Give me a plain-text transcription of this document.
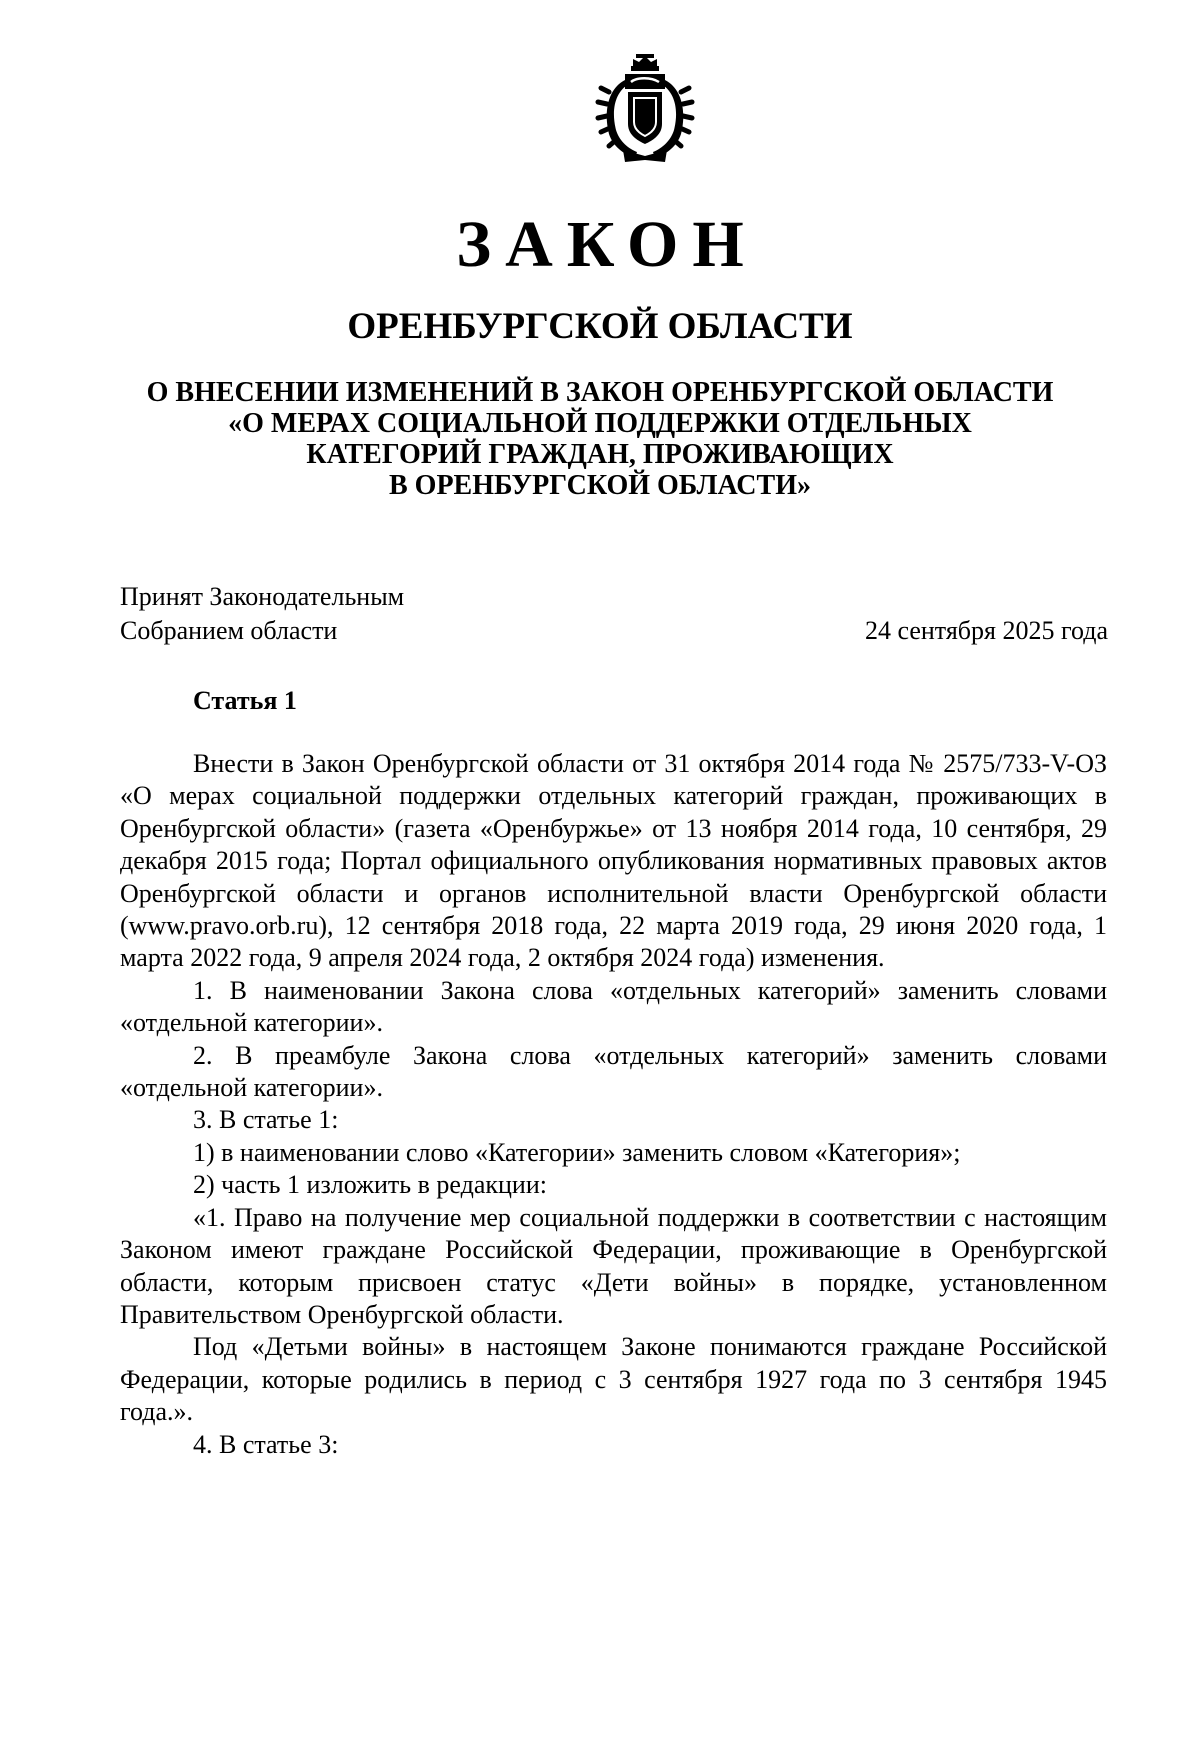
ЗАКОН
ОРЕНБУРГСКОЙ ОБЛАСТИ
О ВНЕСЕНИИ ИЗМЕНЕНИЙ В ЗАКОН ОРЕНБУРГСКОЙ ОБЛАСТИ
«О МЕРАХ СОЦИАЛЬНОЙ ПОДДЕРЖКИ ОТДЕЛЬНЫХ
КАТЕГОРИЙ ГРАЖДАН, ПРОЖИВАЮЩИХ
В ОРЕНБУРГСКОЙ ОБЛАСТИ»
Принят Законодательным
Собранием области	24 сентября 2025 года
Статья 1

Внести в Закон Оренбургской области от 31 октября 2014 года № 2575/733-V-ОЗ «О мерах социальной поддержки отдельных категорий граждан, проживающих в Оренбургской области» (газета «Оренбуржье» от 13 ноября 2014 года, 10 сентября, 29 декабря 2015 года; Портал официального опубликования нормативных правовых актов Оренбургской области и органов исполнительной власти Оренбургской области (www.pravo.orb.ru), 12 сентября 2018 года, 22 марта 2019 года, 29 июня 2020 года, 1 марта 2022 года, 9 апреля 2024 года, 2 октября 2024 года) изменения.

1. В наименовании Закона слова «отдельных категорий» заменить словами «отдельной категории».

2. В преамбуле Закона слова «отдельных категорий» заменить словами «отдельной категории».

3. В статье 1:

1) в наименовании слово «Категории» заменить словом «Категория»;

2) часть 1 изложить в редакции:

«1. Право на получение мер социальной поддержки в соответствии с настоящим Законом имеют граждане Российской Федерации, проживающие в Оренбургской области, которым присвоен статус «Дети войны» в порядке, установленном Правительством Оренбургской области.

Под «Детьми войны» в настоящем Законе понимаются граждане Российской Федерации, которые родились в период с 3 сентября 1927 года по 3 сентября 1945 года.».

4. В статье 3:
